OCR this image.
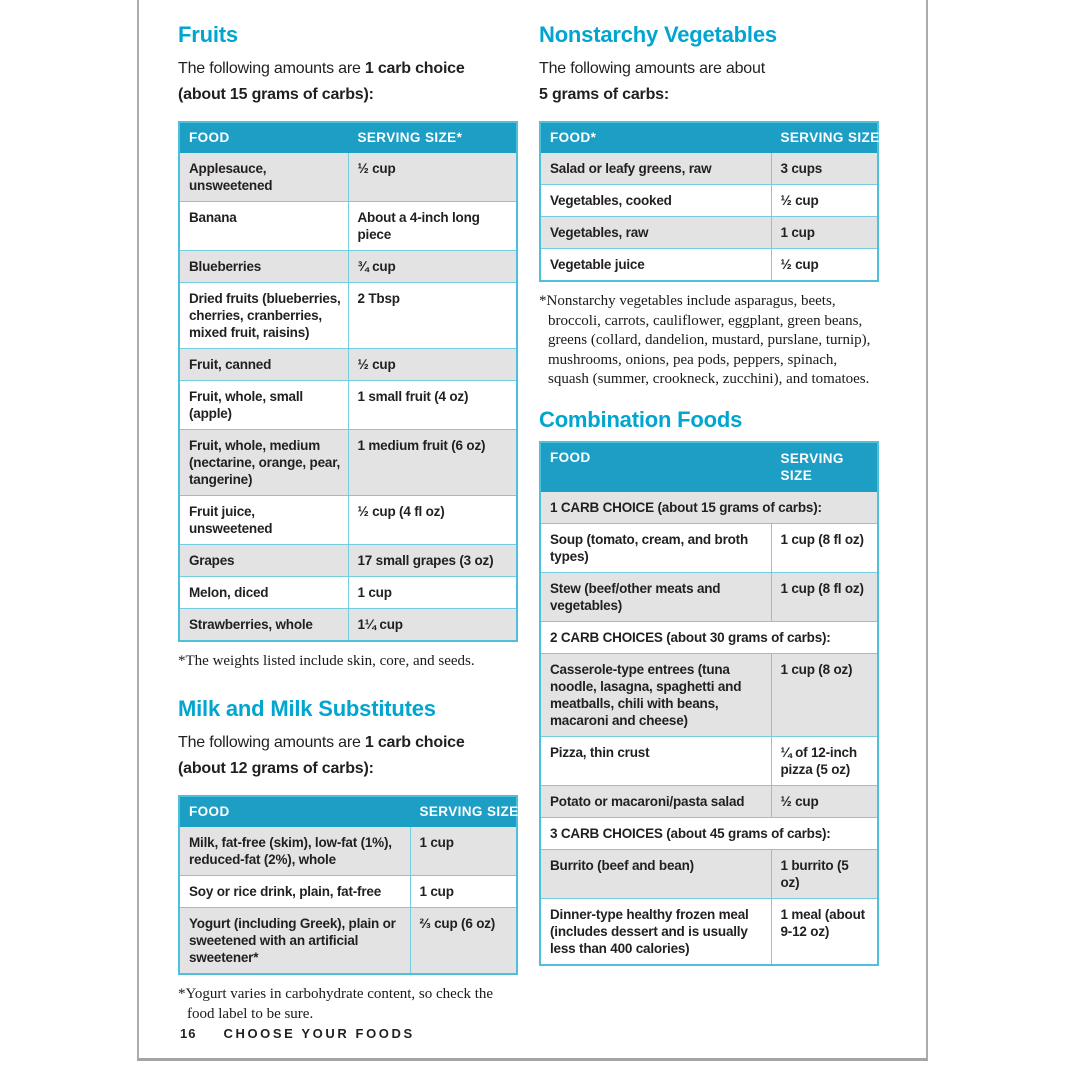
Fruits
The following amounts are 1 carb choice
(about 15 grams of carbs):
FOOD	SERVING SIZE*
Applesauce, unsweetened	½ cup
Banana	About a 4-inch long piece
Blueberries	¾ cup
Dried fruits (blueberries, cherries, cranberries, mixed fruit, raisins)	2 Tbsp
Fruit, canned	½ cup
Fruit, whole, small (apple)	1 small fruit (4 oz)
Fruit, whole, medium (nectarine, orange, pear, tangerine)	1 medium fruit (6 oz)
Fruit juice, unsweetened	½ cup (4 fl oz)
Grapes	17 small grapes (3 oz)
Melon, diced	1 cup
Strawberries, whole	1¼ cup

*The weights listed include skin, core, and seeds.

Milk and Milk Substitutes
The following amounts are 1 carb choice
(about 12 grams of carbs):
FOOD	SERVING SIZE
Milk, fat-free (skim), low-fat (1%), reduced-fat (2%), whole	1 cup
Soy or rice drink, plain, fat-free	1 cup
Yogurt (including Greek), plain or sweetened with an artificial sweetener*	⅔ cup (6 oz)

*Yogurt varies in carbohydrate content, so check the food label to be sure.

Nonstarchy Vegetables
The following amounts are about
5 grams of carbs:
FOOD*	SERVING SIZE
Salad or leafy greens, raw	3 cups
Vegetables, cooked	½ cup
Vegetables, raw	1 cup
Vegetable juice	½ cup

*Nonstarchy vegetables include asparagus, beets, broccoli, carrots, cauliflower, eggplant, green beans, greens (collard, dandelion, mustard, purslane, turnip), mushrooms, onions, pea pods, peppers, spinach, squash (summer, crookneck, zucchini), and tomatoes.

Combination Foods
FOOD	SERVING SIZE
1 CARB CHOICE (about 15 grams of carbs):	
Soup (tomato, cream, and broth types)	1 cup (8 fl oz)
Stew (beef/other meats and vegetables)	1 cup (8 fl oz)
2 CARB CHOICES (about 30 grams of carbs):	
Casserole-type entrees (tuna noodle, lasagna, spaghetti and meatballs, chili with beans, macaroni and cheese)	1 cup (8 oz)
Pizza, thin crust	¼ of 12-inch pizza (5 oz)
Potato or macaroni/pasta salad	½ cup
3 CARB CHOICES (about 45 grams of carbs):	
Burrito (beef and bean)	1 burrito (5 oz)
Dinner-type healthy frozen meal (includes dessert and is usually less than 400 calories)	1 meal (about 9-12 oz)
16 CHOOSE YOUR FOODS
